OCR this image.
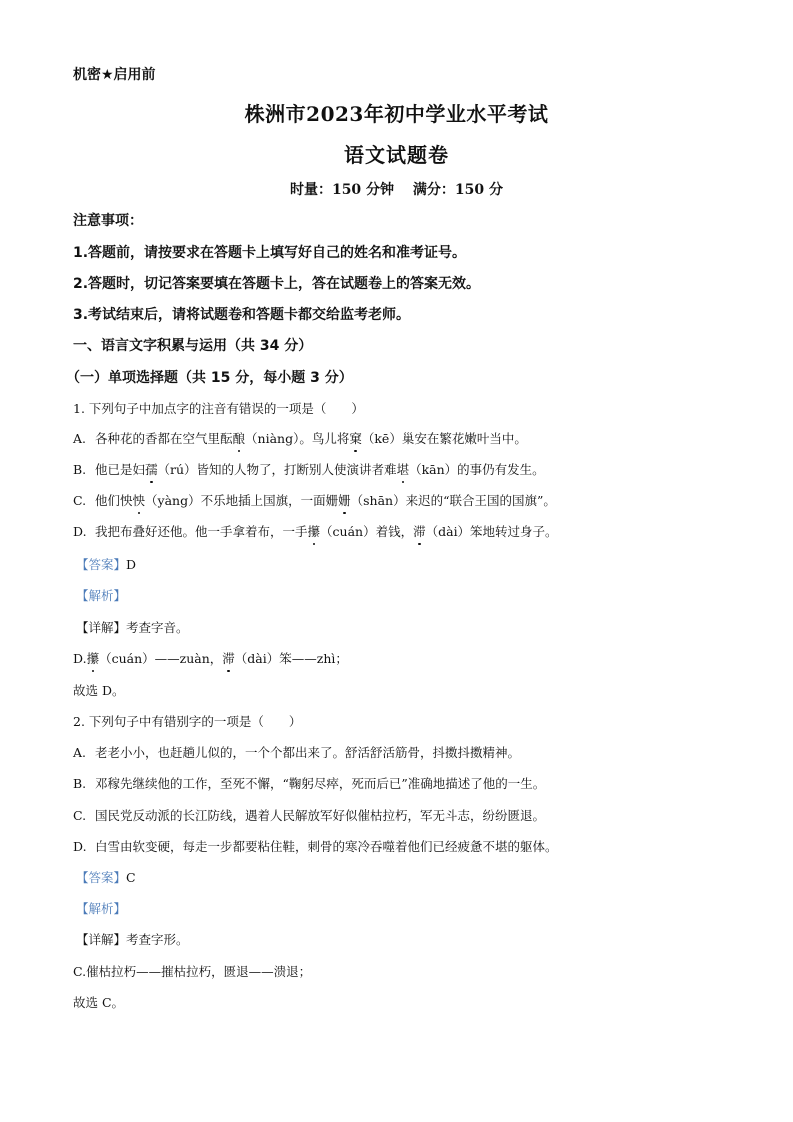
机密★启用前
株洲市2023年初中学业水平考试
语文试题卷
时量：150 分钟　 满分：150 分
注意事项：
1.答题前，请按要求在答题卡上填写好自己的姓名和准考证号。
2.答题时，切记答案要填在答题卡上，答在试题卷上的答案无效。
3.考试结束后，请将试题卷和答题卡都交给监考老师。
一、语言文字积累与运用（共 34 分）
（一）单项选择题（共 15 分，每小题 3 分）
1. 下列句子中加点字的注音有错误的一项是（　　）
A. 各种花的香都在空气里酝酿（niàng）。鸟儿将窠（kē）巢安在繁花嫩叶当中。
B. 他已是妇孺（rú）皆知的人物了，打断别人使演讲者难堪（kān）的事仍有发生。
C. 他们怏怏（yàng）不乐地插上国旗，一面姗姗（shān）来迟的“联合王国的国旗”。
D. 我把布叠好还他。他一手拿着布，一手攥（cuán）着钱，滞（dài）笨地转过身子。
【答案】D
【解析】
【详解】考查字音。
D.攥（cuán）——zuàn，滞（dài）笨——zhì；
故选 D。
2. 下列句子中有错别字的一项是（　　）
A. 老老小小，也赶趟儿似的，一个个都出来了。舒活舒活筋骨，抖擞抖擞精神。
B. 邓稼先继续他的工作，至死不懈，“鞠躬尽瘁，死而后已”准确地描述了他的一生。
C. 国民党反动派的长江防线，遇着人民解放军好似催枯拉朽，军无斗志，纷纷匮退。
D. 白雪由软变硬，每走一步都要粘住鞋，刺骨的寒冷吞噬着他们已经疲惫不堪的躯体。
【答案】C
【解析】
【详解】考查字形。
C.催枯拉朽——摧枯拉朽，匮退——溃退；
故选 C。
